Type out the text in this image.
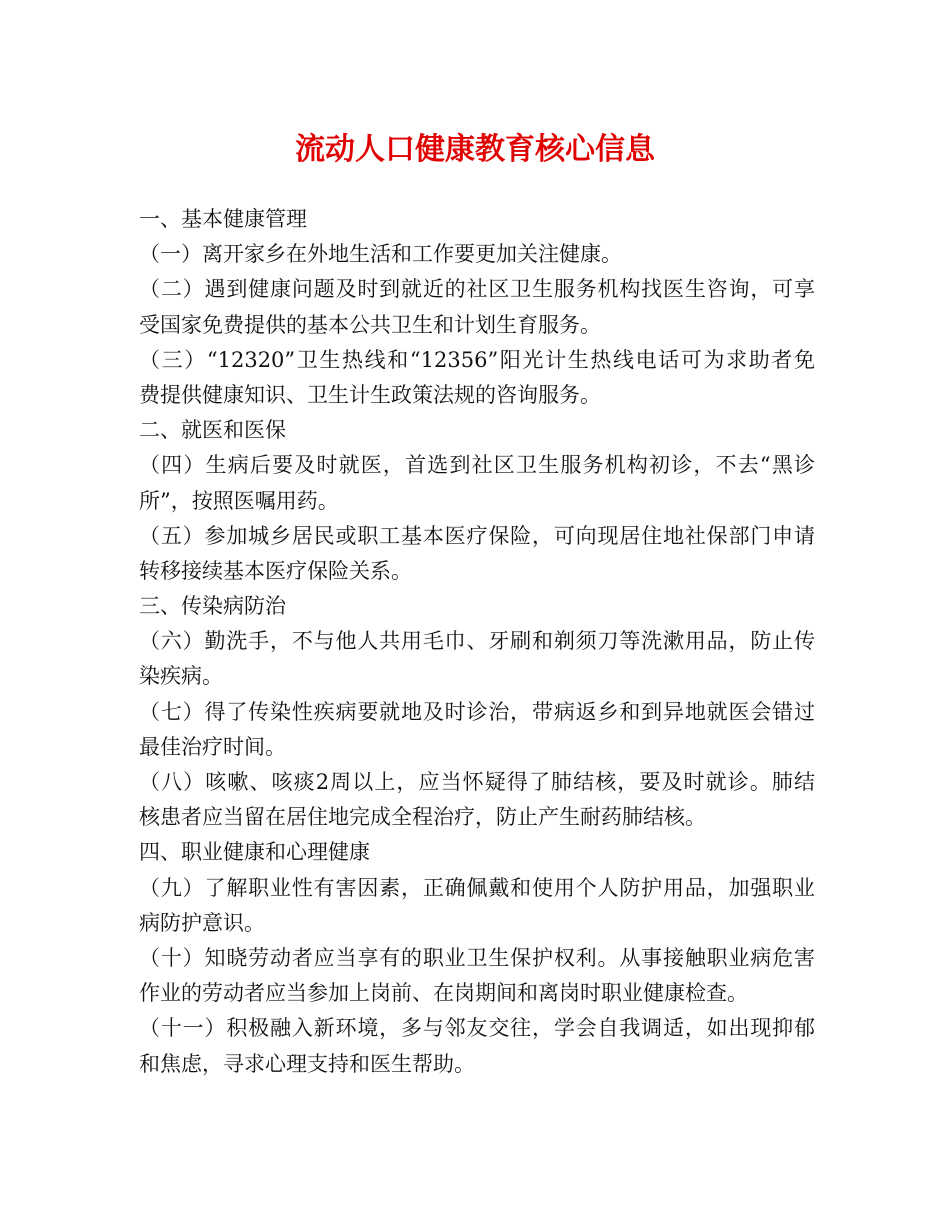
流动人口健康教育核心信息
一、基本健康管理
（一）离开家乡在外地生活和工作要更加关注健康。
（二）遇到健康问题及时到就近的社区卫生服务机构找医生咨询，可享
受国家免费提供的基本公共卫生和计划生育服务。
（三）“12320”卫生热线和“12356”阳光计生热线电话可为求助者免
费提供健康知识、卫生计生政策法规的咨询服务。
二、就医和医保
（四）生病后要及时就医，首选到社区卫生服务机构初诊，不去“黑诊
所”，按照医嘱用药。
（五）参加城乡居民或职工基本医疗保险，可向现居住地社保部门申请
转移接续基本医疗保险关系。
三、传染病防治
（六）勤洗手，不与他人共用毛巾、牙刷和剃须刀等洗漱用品，防止传
染疾病。
（七）得了传染性疾病要就地及时诊治，带病返乡和到异地就医会错过
最佳治疗时间。
（八）咳嗽、咳痰2周以上，应当怀疑得了肺结核，要及时就诊。肺结
核患者应当留在居住地完成全程治疗，防止产生耐药肺结核。
四、职业健康和心理健康
（九）了解职业性有害因素，正确佩戴和使用个人防护用品，加强职业
病防护意识。
（十）知晓劳动者应当享有的职业卫生保护权利。从事接触职业病危害
作业的劳动者应当参加上岗前、在岗期间和离岗时职业健康检查。
（十一）积极融入新环境，多与邻友交往，学会自我调适，如出现抑郁
和焦虑，寻求心理支持和医生帮助。
